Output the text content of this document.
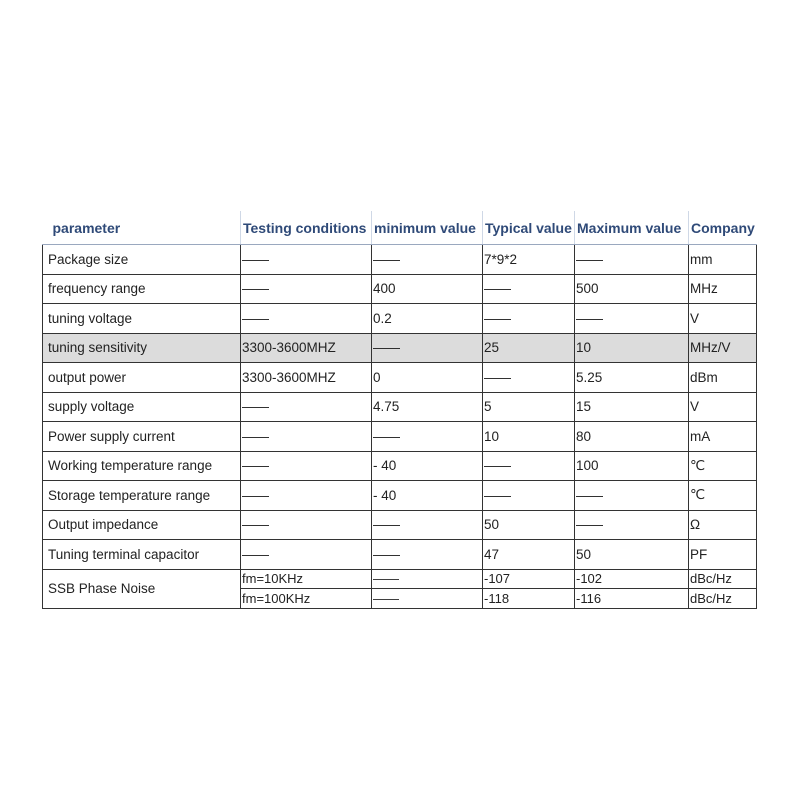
parameter	Testing conditions	minimum value	Typical value	Maximum value	Company
Package size	——	——	7*9*2	——	mm
frequency range	——	400	——	500	MHz
tuning voltage	——	0.2	——	——	V
tuning sensitivity	3300-3600MHZ	——	25	10	MHz/V
output power	3300-3600MHZ	0	——	5.25	dBm
supply voltage	——	4.75	5	15	V
Power supply current	——	——	10	80	mA
Working temperature range	——	- 40	——	100	℃
Storage temperature range	——	- 40	——	——	℃
Output impedance	——	——	50	——	Ω
Tuning terminal capacitor	——	——	47	50	PF
SSB Phase Noise	fm=10KHz	——	-107	-102	dBc/Hz
	fm=100KHz	——	-118	-116	dBc/Hz
